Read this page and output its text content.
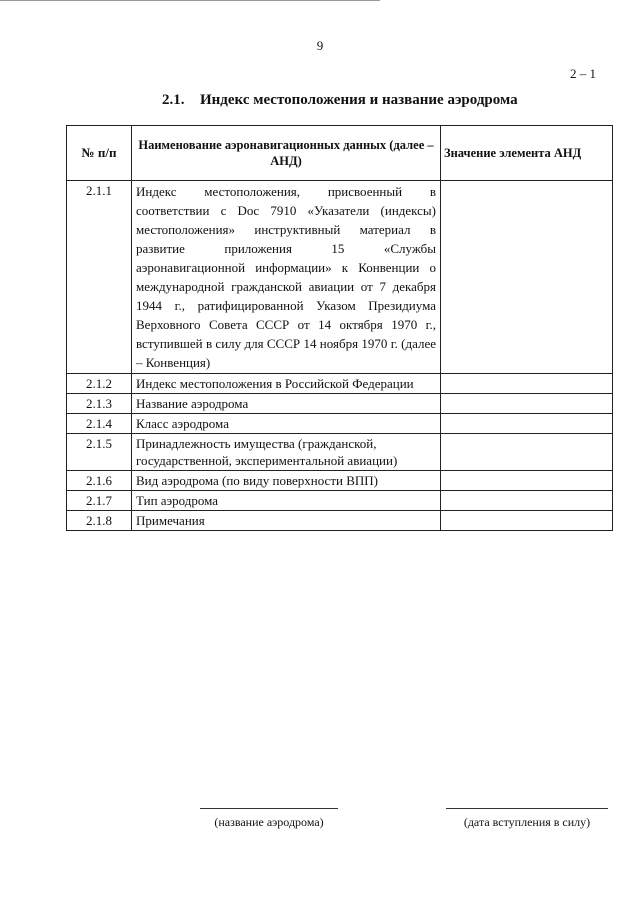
9
2 – 1
2.1. Индекс местоположения и название аэродрома
№ п/п	Наименование аэронавигационных данных (далее – АНД)	Значение элемента АНД
2.1.1	Индекс местоположения, присвоенный в соответствии с Doc 7910 «Указатели (индексы) местоположения» инструктивный материал в развитие приложения 15 «Службы аэронавигационной информации» к Конвенции о международной гражданской авиации от 7 декабря 1944 г., ратифицированной Указом Президиума Верховного Совета СССР от 14 октября 1970 г., вступившей в силу для СССР 14 ноября 1970 г. (далее – Конвенция)	
2.1.2	Индекс местоположения в Российской Федерации	
2.1.3	Название аэродрома	
2.1.4	Класс аэродрома	
2.1.5	Принадлежность имущества (гражданской, государственной, экспериментальной авиации)	
2.1.6	Вид аэродрома (по виду поверхности ВПП)	
2.1.7	Тип аэродрома	
2.1.8	Примечания	
(название аэродрома)	(дата вступления в силу)
